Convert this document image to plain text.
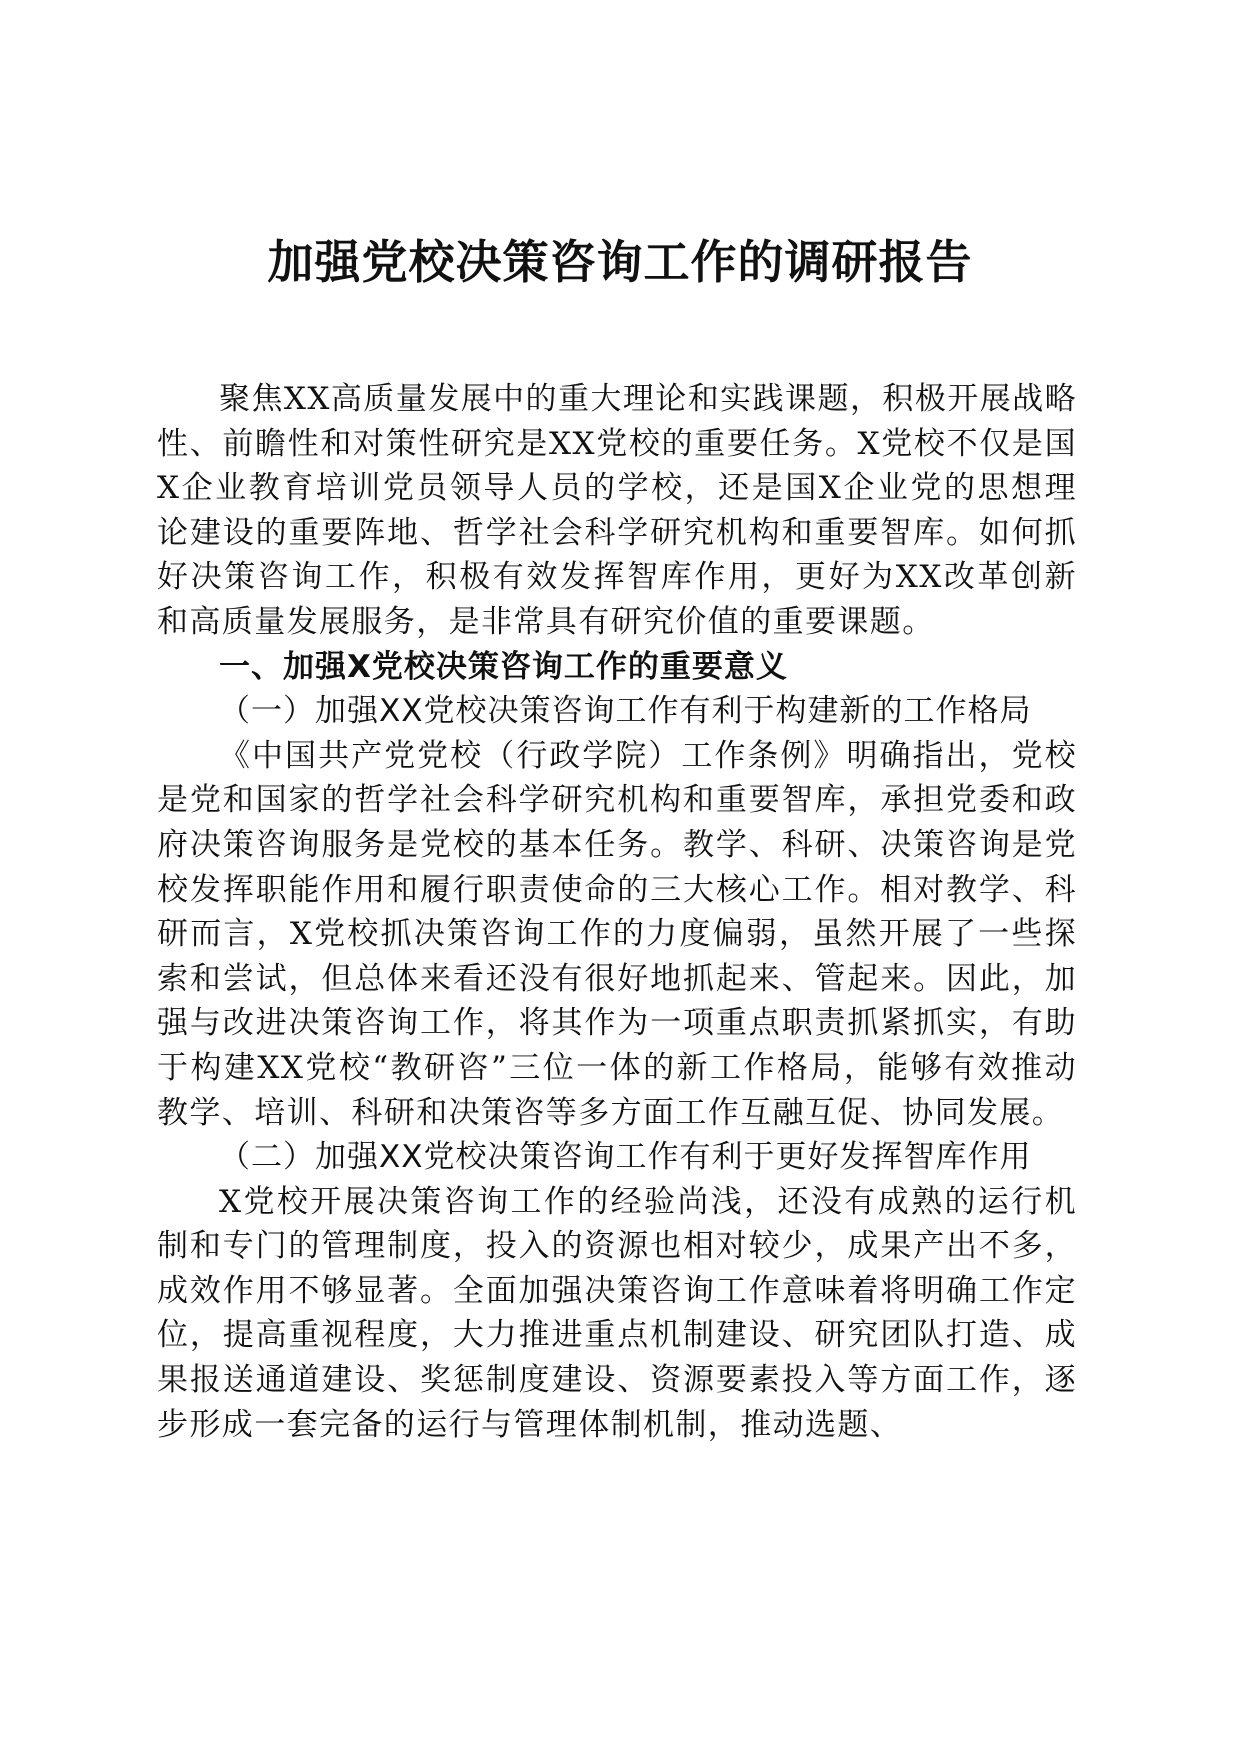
加强党校决策咨询工作的调研报告

聚焦XX高质量发展中的重大理论和实践课题，积极开展战略性、前瞻性和对策性研究是XX党校的重要任务。X党校不仅是国X企业教育培训党员领导人员的学校，还是国X企业党的思想理论建设的重要阵地、哲学社会科学研究机构和重要智库。如何抓好决策咨询工作，积极有效发挥智库作用，更好为XX改革创新和高质量发展服务，是非常具有研究价值的重要课题。

一、加强X党校决策咨询工作的重要意义

（一）加强XX党校决策咨询工作有利于构建新的工作格局

《中国共产党党校（行政学院）工作条例》明确指出，党校是党和国家的哲学社会科学研究机构和重要智库，承担党委和政府决策咨询服务是党校的基本任务。教学、科研、决策咨询是党校发挥职能作用和履行职责使命的三大核心工作。相对教学、科研而言，X党校抓决策咨询工作的力度偏弱，虽然开展了一些探索和尝试，但总体来看还没有很好地抓起来、管起来。因此，加强与改进决策咨询工作，将其作为一项重点职责抓紧抓实，有助于构建XX党校“教研咨”三位一体的新工作格局，能够有效推动教学、培训、科研和决策咨等多方面工作互融互促、协同发展。

（二）加强XX党校决策咨询工作有利于更好发挥智库作用

X党校开展决策咨询工作的经验尚浅，还没有成熟的运行机制和专门的管理制度，投入的资源也相对较少，成果产出不多，成效作用不够显著。全面加强决策咨询工作意味着将明确工作定位，提高重视程度，大力推进重点机制建设、研究团队打造、成果报送通道建设、奖惩制度建设、资源要素投入等方面工作，逐步形成一套完备的运行与管理体制机制，推动选题、
